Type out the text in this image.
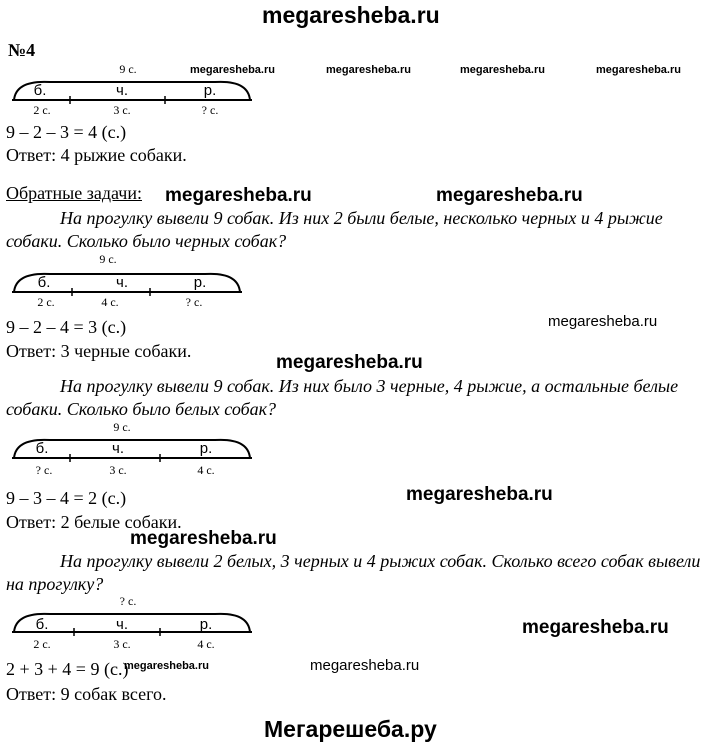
megaresheba.ru
№4
megaresheba.ru	megaresheba.ru	megaresheba.ru	megaresheba.ru
9 с.
б.	ч.	р.
2 с.	3 с.	? с.
9 – 2 – 3 = 4 (с.)
Ответ: 4 рыжие собаки.
Обратные задачи: megaresheba.ru	megaresheba.ru
На прогулку вывели 9 собак. Из них 2 были белые, несколько черных и 4 рыжие собаки. Сколько было черных собак?
9 с.
б.	ч.	р.
2 с.	4 с.	? с.
megaresheba.ru
9 – 2 – 4 = 3 (с.)
Ответ: 3 черные собаки.
megaresheba.ru
На прогулку вывели 9 собак. Из них было 3 черные, 4 рыжие, а остальные белые собаки. Сколько было белых собак?
9 с.
б.	ч.	р.
? с.	3 с.	4 с.
9 – 3 – 4 = 2 (с.)	megaresheba.ru
Ответ: 2 белые собаки.
megaresheba.ru
На прогулку вывели 2 белых, 3 черных и 4 рыжих собак. Сколько всего собак вывели на прогулку?
? с.
б.	ч.	р.
2 с.	3 с.	4 с.
megaresheba.ru
2 + 3 + 4 = 9 (с.)
megaresheba.ru	megaresheba.ru
Ответ: 9 собак всего.
Мегарешеба.ру
